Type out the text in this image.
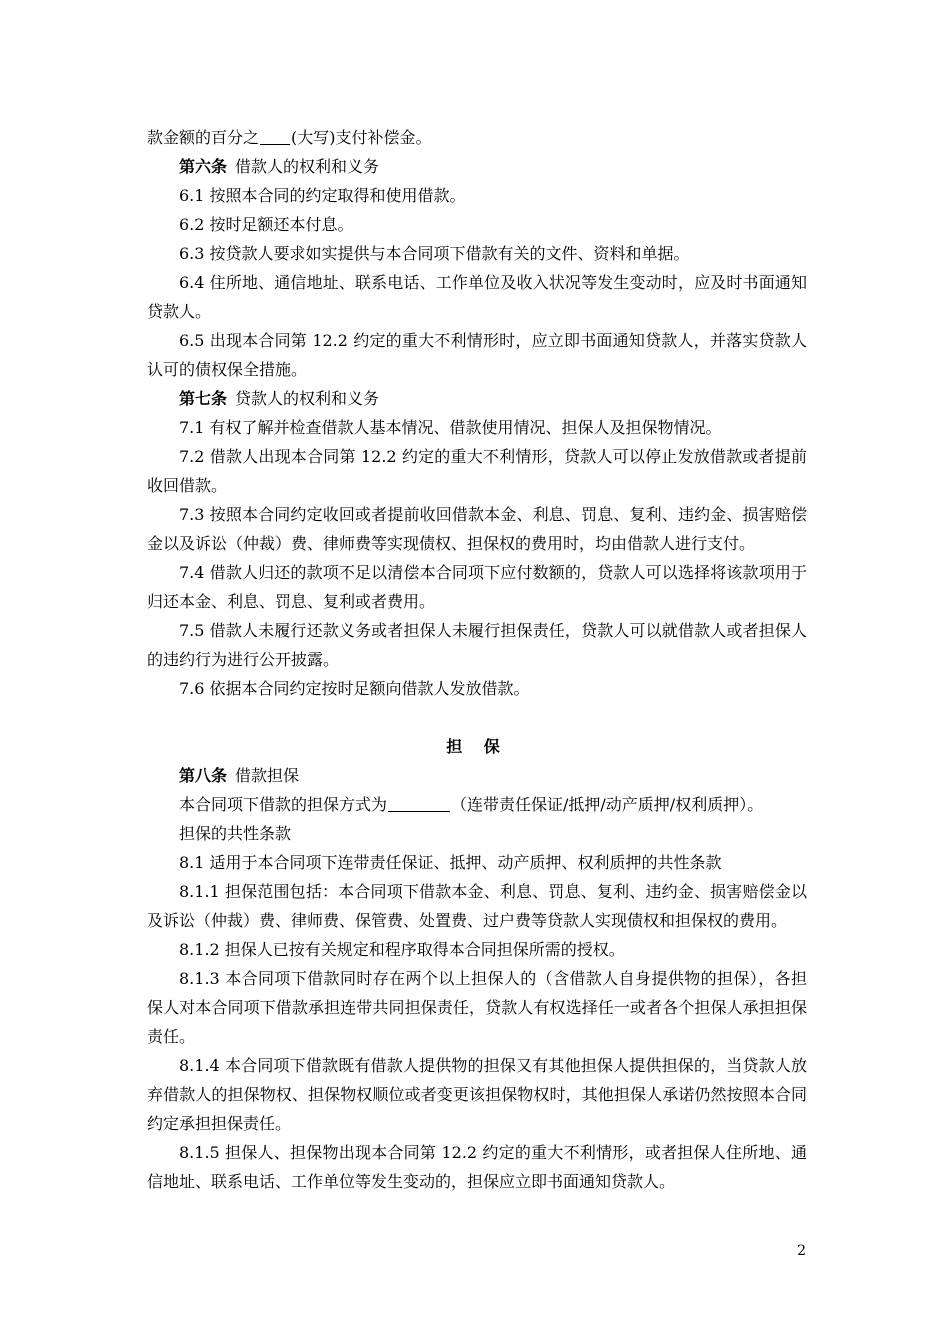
款金额的百分之 (大写)支付补偿金。

第六条 借款人的权利和义务

6.1 按照本合同的约定取得和使用借款。

6.2 按时足额还本付息。

6.3 按贷款人要求如实提供与本合同项下借款有关的文件、资料和单据。

6.4 住所地、通信地址、联系电话、工作单位及收入状况等发生变动时，应及时书面通知贷款人。

6.5 出现本合同第 12.2 约定的重大不利情形时，应立即书面通知贷款人，并落实贷款人认可的债权保全措施。

第七条 贷款人的权利和义务

7.1 有权了解并检查借款人基本情况、借款使用情况、担保人及担保物情况。

7.2 借款人出现本合同第 12.2 约定的重大不利情形，贷款人可以停止发放借款或者提前收回借款。

7.3 按照本合同约定收回或者提前收回借款本金、利息、罚息、复利、违约金、损害赔偿金以及诉讼（仲裁）费、律师费等实现债权、担保权的费用时，均由借款人进行支付。

7.4 借款人归还的款项不足以清偿本合同项下应付数额的，贷款人可以选择将该款项用于归还本金、利息、罚息、复利或者费用。

7.5 借款人未履行还款义务或者担保人未履行担保责任，贷款人可以就借款人或者担保人的违约行为进行公开披露。

7.6 依据本合同约定按时足额向借款人发放借款。

担 保

第八条 借款担保

本合同项下借款的担保方式为	（连带责任保证/抵押/动产质押/权利质押）。

担保的共性条款

8.1 适用于本合同项下连带责任保证、抵押、动产质押、权利质押的共性条款

8.1.1 担保范围包括：本合同项下借款本金、利息、罚息、复利、违约金、损害赔偿金以及诉讼（仲裁）费、律师费、保管费、处置费、过户费等贷款人实现债权和担保权的费用。

8.1.2 担保人已按有关规定和程序取得本合同担保所需的授权。

8.1.3 本合同项下借款同时存在两个以上担保人的（含借款人自身提供物的担保），各担保人对本合同项下借款承担连带共同担保责任，贷款人有权选择任一或者各个担保人承担担保责任。

8.1.4 本合同项下借款既有借款人提供物的担保又有其他担保人提供担保的，当贷款人放弃借款人的担保物权、担保物权顺位或者变更该担保物权时，其他担保人承诺仍然按照本合同约定承担担保责任。

8.1.5 担保人、担保物出现本合同第 12.2 约定的重大不利情形，或者担保人住所地、通信地址、联系电话、工作单位等发生变动的，担保应立即书面通知贷款人。

2
